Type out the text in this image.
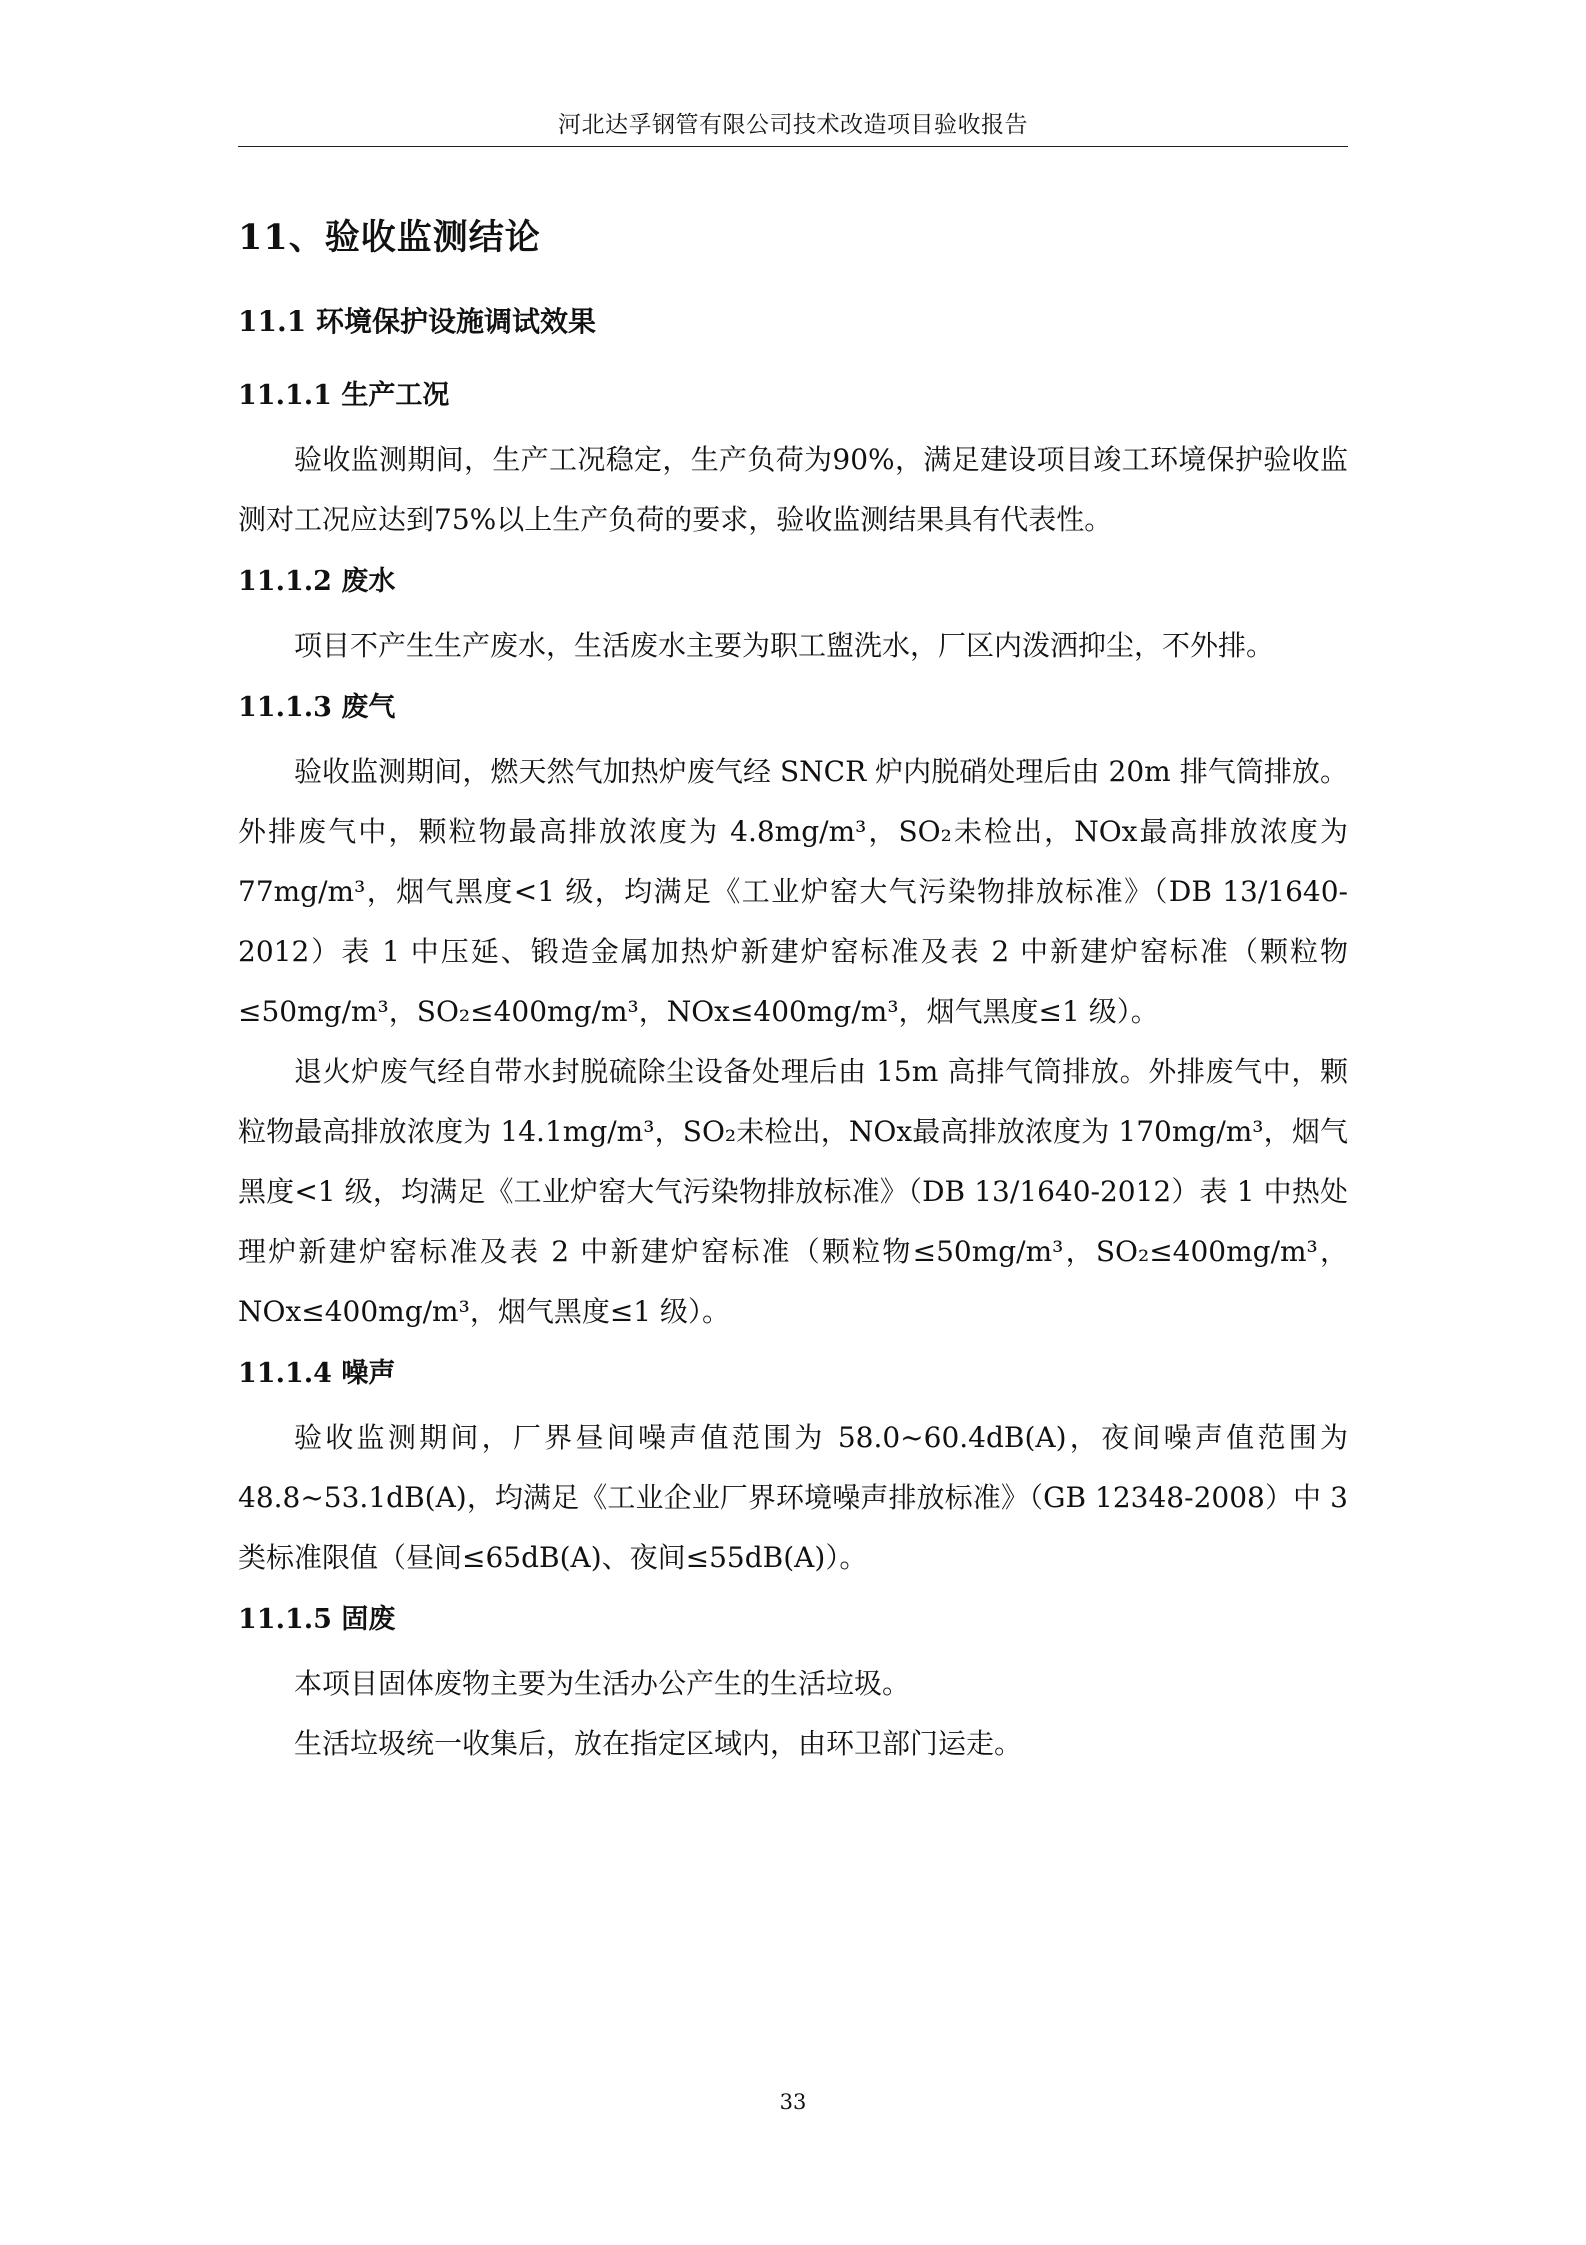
河北达孚钢管有限公司技术改造项目验收报告
11、验收监测结论
11.1 环境保护设施调试效果
11.1.1 生产工况

验收监测期间，生产工况稳定，生产负荷为90%，满足建设项目竣工环境保护验收监测对工况应达到75%以上生产负荷的要求，验收监测结果具有代表性。

11.1.2 废水

项目不产生生产废水，生活废水主要为职工盥洗水，厂区内泼洒抑尘，不外排。

11.1.3 废气

验收监测期间，燃天然气加热炉废气经 SNCR 炉内脱硝处理后由 20m 排气筒排放。外排废气中，颗粒物最高排放浓度为 4.8mg/m³，SO₂未检出，NOx最高排放浓度为 77mg/m³，烟气黑度<1 级，均满足《工业炉窑大气污染物排放标准》（DB 13/1640-2012）表 1 中压延、锻造金属加热炉新建炉窑标准及表 2 中新建炉窑标准（颗粒物≤50mg/m³，SO₂≤400mg/m³，NOx≤400mg/m³，烟气黑度≤1 级）。

退火炉废气经自带水封脱硫除尘设备处理后由 15m 高排气筒排放。外排废气中，颗粒物最高排放浓度为 14.1mg/m³，SO₂未检出，NOx最高排放浓度为 170mg/m³，烟气黑度<1 级，均满足《工业炉窑大气污染物排放标准》（DB 13/1640-2012）表 1 中热处理炉新建炉窑标准及表 2 中新建炉窑标准（颗粒物≤50mg/m³，SO₂≤400mg/m³，NOx≤400mg/m³，烟气黑度≤1 级）。

11.1.4 噪声

验收监测期间，厂界昼间噪声值范围为 58.0~60.4dB(A)，夜间噪声值范围为 48.8~53.1dB(A)，均满足《工业企业厂界环境噪声排放标准》（GB 12348-2008）中 3 类标准限值（昼间≤65dB(A)、夜间≤55dB(A)）。

11.1.5 固废

本项目固体废物主要为生活办公产生的生活垃圾。

生活垃圾统一收集后，放在指定区域内，由环卫部门运走。

33
